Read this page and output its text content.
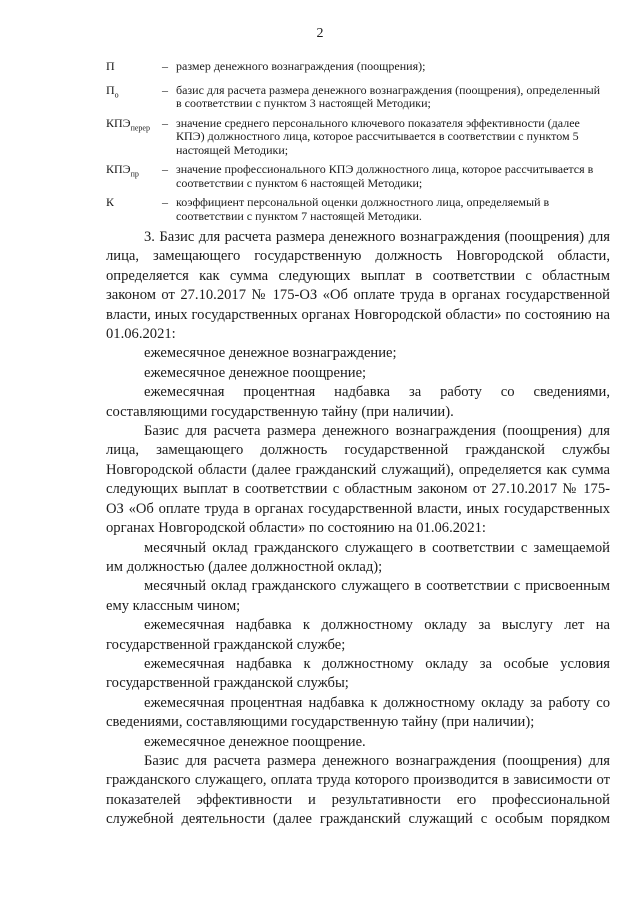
2
П	– размер денежного вознаграждения (поощрения);
$П_о$	– базис для расчета размера денежного вознаграждения (поощрения), определенный в соответствии с пунктом 3 настоящей Методики;
$КПЭ_{перер}$	– значение среднего персонального ключевого показателя эффективности (далее КПЭ) должностного лица, которое рассчитывается в соответствии с пунктом 5 настоящей Методики;
$КПЭ_{пр}$	– значение профессионального КПЭ должностного лица, которое рассчитывается в соответствии с пунктом 6 настоящей Методики;
К	– коэффициент персональной оценки должностного лица, определяемый в соответствии с пунктом 7 настоящей Методики.

3. Базис для расчета размера денежного вознаграждения (поощрения) для лица, замещающего государственную должность Новгородской области, определяется как сумма следующих выплат в соответствии с областным законом от 27.10.2017 № 175-ОЗ «Об оплате труда в органах государственной власти, иных государственных органах Новгородской области» по состоянию на 01.06.2021:

ежемесячное денежное вознаграждение;

ежемесячное денежное поощрение;

ежемесячная процентная надбавка за работу со сведениями, составляющими государственную тайну (при наличии).

Базис для расчета размера денежного вознаграждения (поощрения) для лица, замещающего должность государственной гражданской службы Новгородской области (далее гражданский служащий), определяется как сумма следующих выплат в соответствии с областным законом от 27.10.2017 № 175-ОЗ «Об оплате труда в органах государственной власти, иных государственных органах Новгородской области» по состоянию на 01.06.2021:

месячный оклад гражданского служащего в соответствии с замещаемой им должностью (далее должностной оклад);

месячный оклад гражданского служащего в соответствии с присвоенным ему классным чином;

ежемесячная надбавка к должностному окладу за выслугу лет на государственной гражданской службе;

ежемесячная надбавка к должностному окладу за особые условия государственной гражданской службы;

ежемесячная процентная надбавка к должностному окладу за работу со сведениями, составляющими государственную тайну (при наличии);

ежемесячное денежное поощрение.

Базис для расчета размера денежного вознаграждения (поощрения) для гражданского служащего, оплата труда которого производится в зависимости от показателей эффективности и результативности его профессиональной служебной деятельности (далее гражданский служащий с особым порядком
